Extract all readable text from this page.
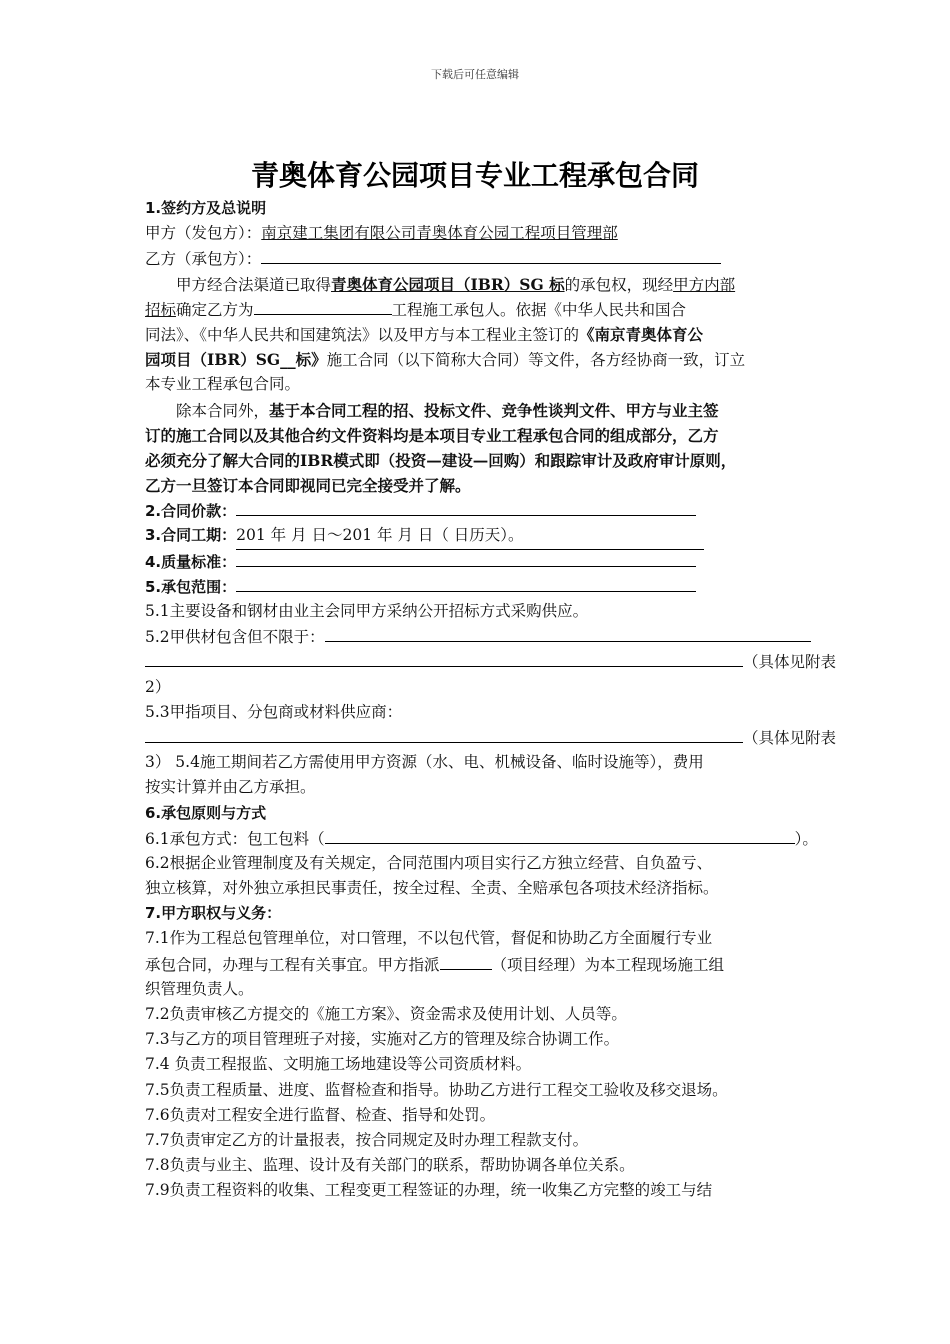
下载后可任意编辑
青奥体育公园项目专业工程承包合同
1.签约方及总说明
甲方（发包方）：南京建工集团有限公司青奥体育公园工程项目管理部
乙方（承包方）：
甲方经合法渠道已取得青奥体育公园项目（IBR）SG 标的承包权，现经甲方内部
招标确定乙方为	工程施工承包人。依据《中华人民共和国合
同法》、《中华人民共和国建筑法》以及甲方与本工程业主签订的《南京青奥体育公
园项目（IBR）SG__标》施工合同（以下简称大合同）等文件，各方经协商一致，订立
本专业工程承包合同。
除本合同外，基于本合同工程的招、投标文件、竞争性谈判文件、甲方与业主签
订的施工合同以及其他合约文件资料均是本项目专业工程承包合同的组成部分，乙方
必须充分了解大合同的IBR模式即（投资—建设—回购）和跟踪审计及政府审计原则，
乙方一旦签订本合同即视同已完全接受并了解。
2.合同价款：
3.合同工期：201 年 月 日～201 年 月 日（ 日历天）。
4.质量标准：
5.承包范围：
5.1主要设备和钢材由业主会同甲方采纳公开招标方式采购供应。
5.2甲供材包含但不限于：
（具体见附表
2）
5.3甲指项目、分包商或材料供应商：
（具体见附表
3） 5.4施工期间若乙方需使用甲方资源（水、电、机械设备、临时设施等），费用
按实计算并由乙方承担。
6.承包原则与方式
6.1承包方式：包工包料（	）。
6.2根据企业管理制度及有关规定，合同范围内项目实行乙方独立经营、自负盈亏、
独立核算，对外独立承担民事责任，按全过程、全责、全赔承包各项技术经济指标。
7.甲方职权与义务：
7.1作为工程总包管理单位，对口管理，不以包代管，督促和协助乙方全面履行专业
承包合同，办理与工程有关事宜。甲方指派	（项目经理）为本工程现场施工组
织管理负责人。
7.2负责审核乙方提交的《施工方案》、资金需求及使用计划、人员等。
7.3与乙方的项目管理班子对接，实施对乙方的管理及综合协调工作。
7.4 负责工程报监、文明施工场地建设等公司资质材料。
7.5负责工程质量、进度、监督检查和指导。协助乙方进行工程交工验收及移交退场。
7.6负责对工程安全进行监督、检查、指导和处罚。
7.7负责审定乙方的计量报表，按合同规定及时办理工程款支付。
7.8负责与业主、监理、设计及有关部门的联系，帮助协调各单位关系。
7.9负责工程资料的收集、工程变更工程签证的办理，统一收集乙方完整的竣工与结
